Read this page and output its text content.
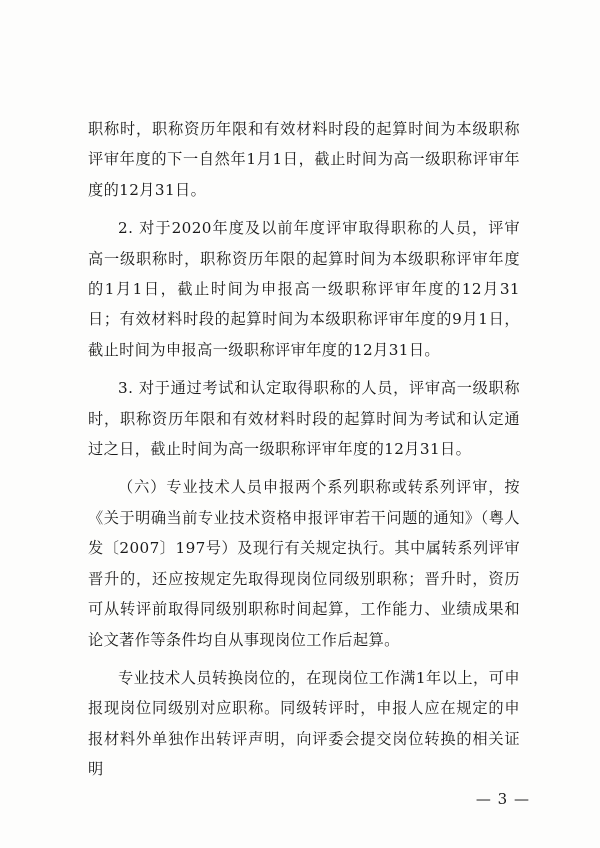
职称时，职称资历年限和有效材料时段的起算时间为本级职称评审年度的下一自然年1月1日，截止时间为高一级职称评审年度的12月31日。

2. 对于2020年度及以前年度评审取得职称的人员，评审高一级职称时，职称资历年限的起算时间为本级职称评审年度的1月1日，截止时间为申报高一级职称评审年度的12月31日；有效材料时段的起算时间为本级职称评审年度的9月1日，截止时间为申报高一级职称评审年度的12月31日。

3. 对于通过考试和认定取得职称的人员，评审高一级职称时，职称资历年限和有效材料时段的起算时间为考试和认定通过之日，截止时间为高一级职称评审年度的12月31日。

（六）专业技术人员申报两个系列职称或转系列评审，按《关于明确当前专业技术资格申报评审若干问题的通知》（粤人发〔2007〕197号）及现行有关规定执行。其中属转系列评审晋升的，还应按规定先取得现岗位同级别职称；晋升时，资历可从转评前取得同级别职称时间起算，工作能力、业绩成果和论文著作等条件均自从事现岗位工作后起算。

专业技术人员转换岗位的，在现岗位工作满1年以上，可申报现岗位同级别对应职称。同级转评时，申报人应在规定的申报材料外单独作出转评声明，向评委会提交岗位转换的相关证明

— 3 —
